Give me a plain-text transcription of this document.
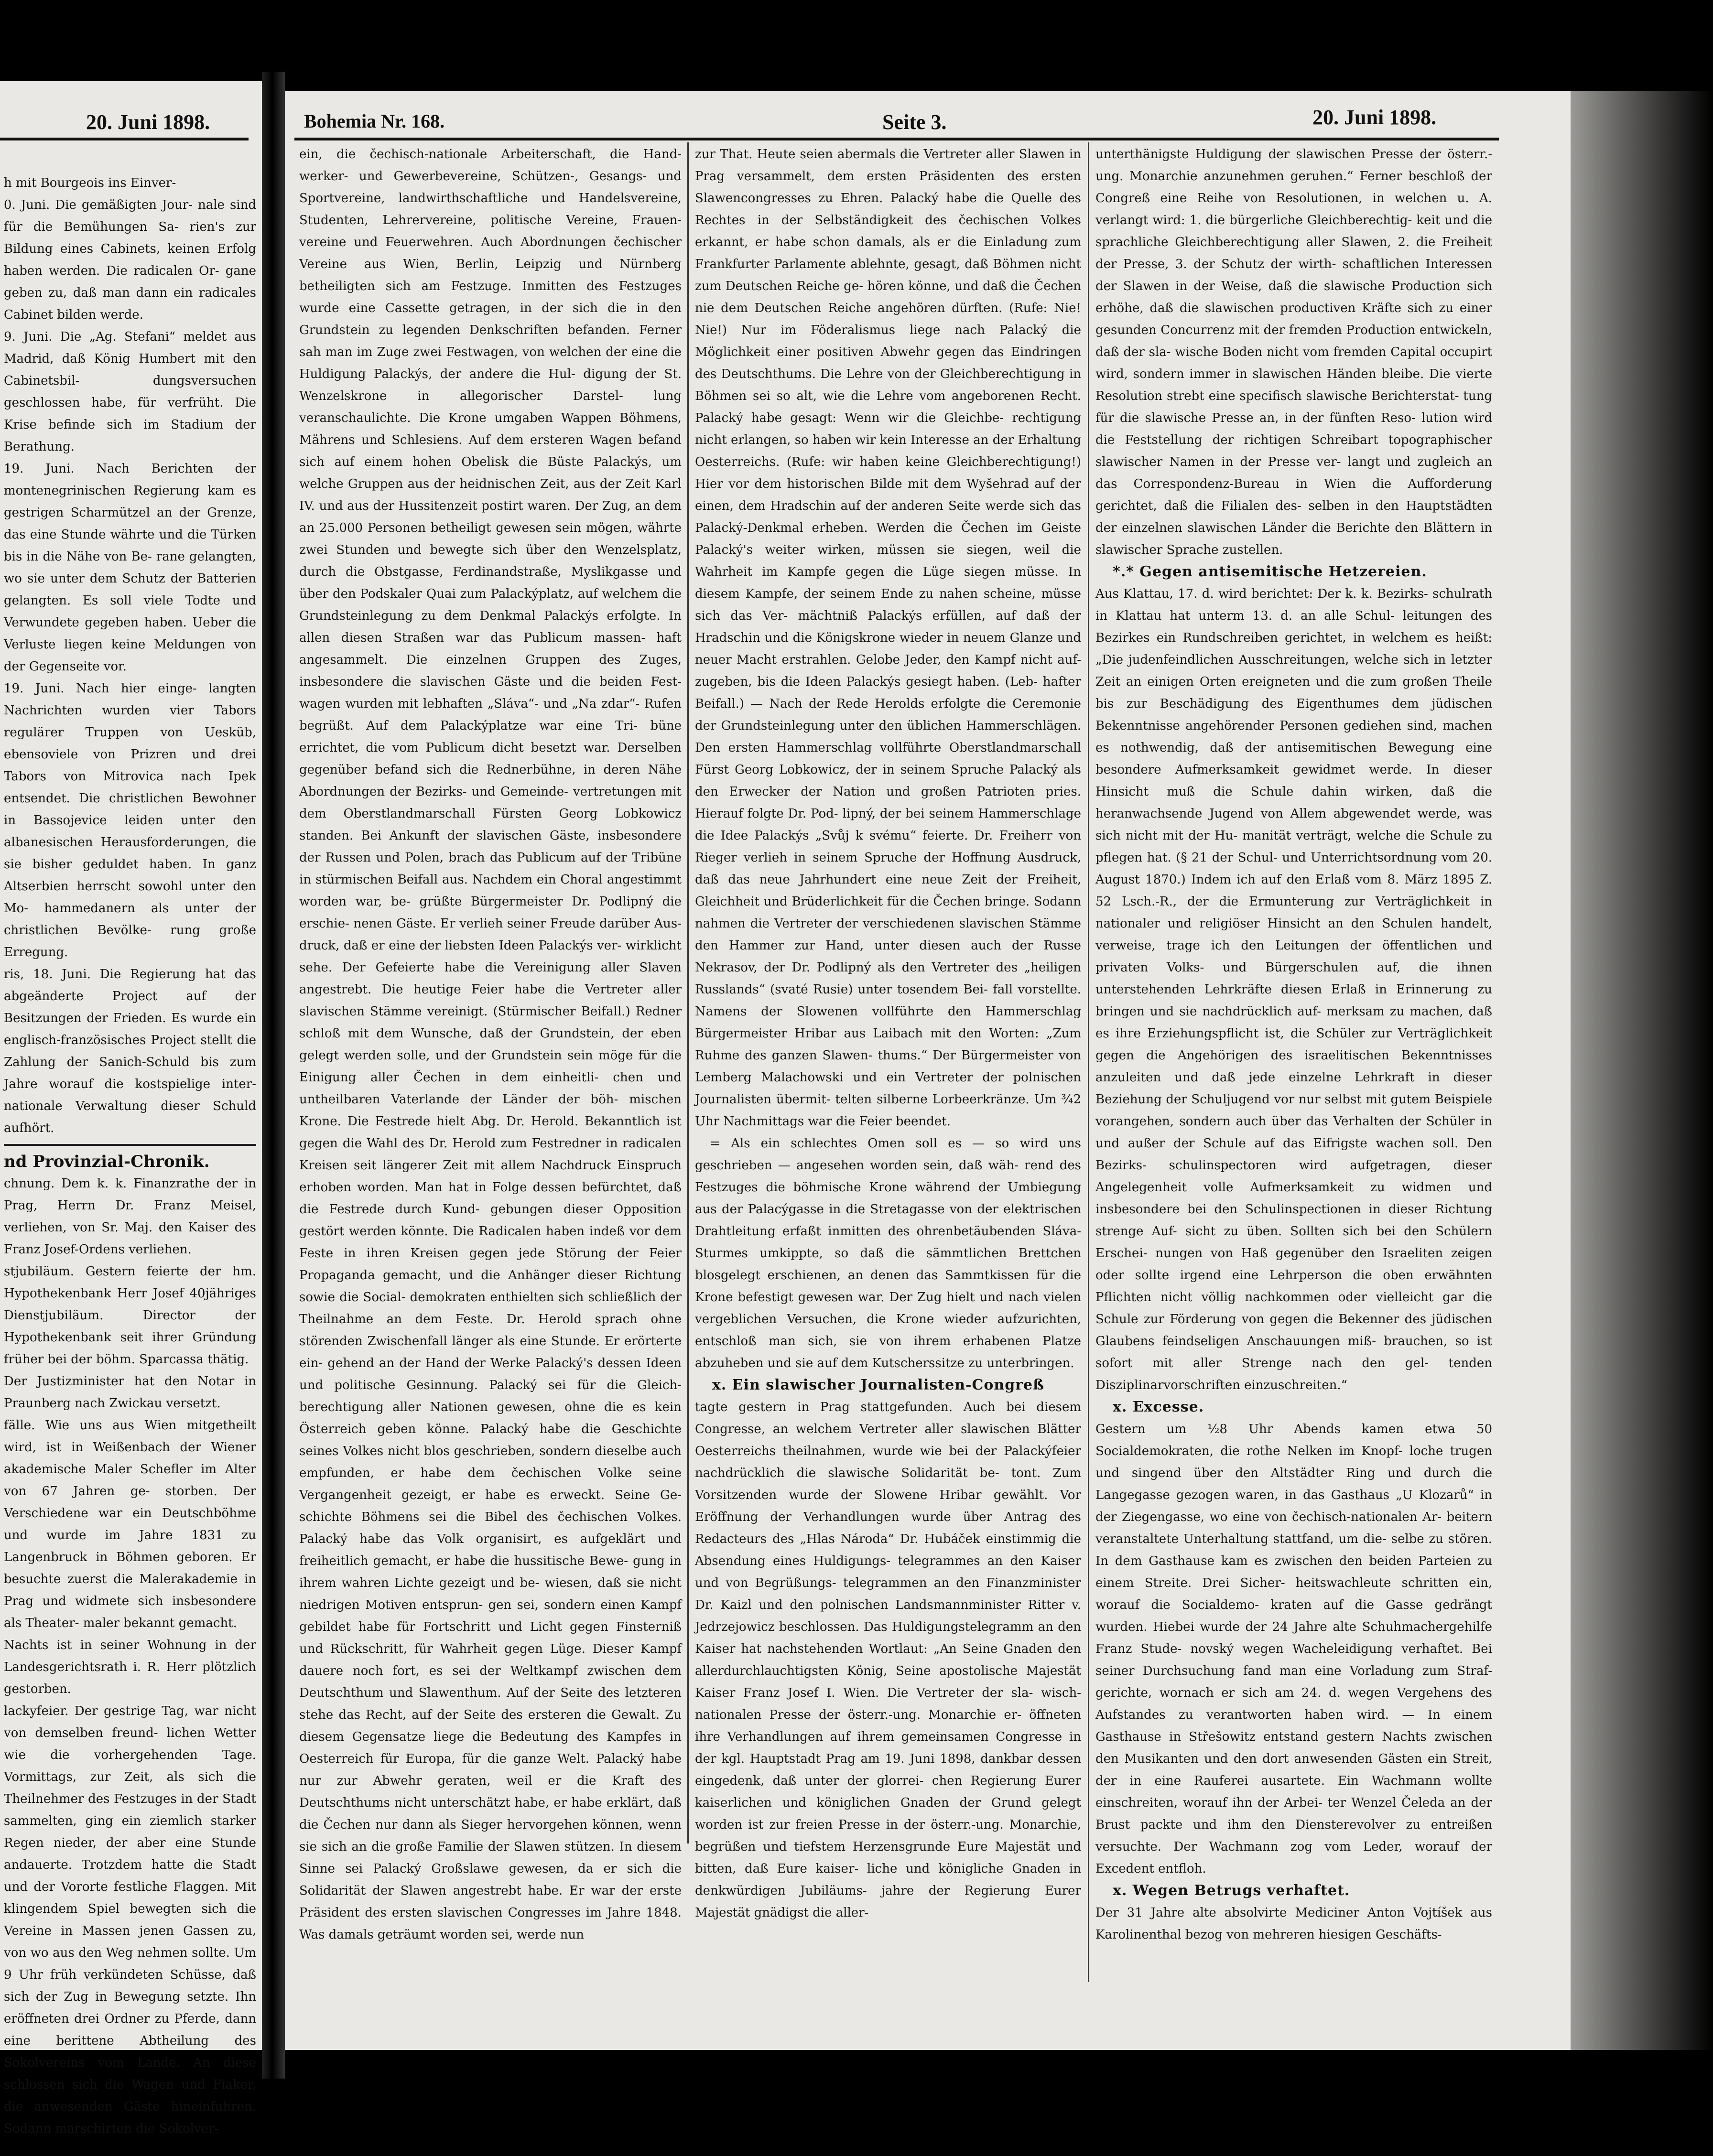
20. Juni 1898.

h mit Bourgeois ins Einver-

0. Juni. Die gemäßigten Jour- nale sind für die Bemühungen Sa- rien's zur Bildung eines Cabinets, keinen Erfolg haben werden. Die radicalen Or- gane geben zu, daß man dann ein radicales Cabinet bilden werde.

9. Juni. Die „Ag. Stefani“ meldet aus Madrid, daß König Humbert mit den Cabinetsbil- dungsversuchen geschlossen habe, für verfrüht. Die Krise befinde sich im Stadium der Berathung.

19. Juni. Nach Berichten der montenegrinischen Regierung kam es gestrigen Scharmützel an der Grenze, das eine Stunde währte und die Türken bis in die Nähe von Be- rane gelangten, wo sie unter dem Schutz der Batterien gelangten. Es soll viele Todte und Verwundete gegeben haben. Ueber die Verluste liegen keine Meldungen von der Gegenseite vor.

19. Juni. Nach hier einge- langten Nachrichten wurden vier Tabors regulärer Truppen von Uesküb, ebensoviele von Prizren und drei Tabors von Mitrovica nach Ipek entsendet. Die christlichen Bewohner in Bassojevice leiden unter den albanesischen Herausforderungen, die sie bisher geduldet haben. In ganz Altserbien herrscht sowohl unter den Mo- hammedanern als unter der christlichen Bevölke- rung große Erregung.

ris, 18. Juni. Die Regierung hat das abgeänderte Project auf der Besitzungen der Frieden. Es wurde ein englisch-französisches Project stellt die Zahlung der Sanich-Schuld bis zum Jahre worauf die kostspielige inter- nationale Verwaltung dieser Schuld aufhört.

nd Provinzial-Chronik.

chnung. Dem k. k. Finanzrathe der in Prag, Herrn Dr. Franz Meisel, verliehen, von Sr. Maj. den Kaiser des Franz Josef-Ordens verliehen.

stjubiläum. Gestern feierte der hm. Hypothekenbank Herr Josef 40jähriges Dienstjubiläum. Director der Hypothekenbank seit ihrer Gründung früher bei der böhm. Sparcassa thätig.

Der Justizminister hat den Notar in Praunberg nach Zwickau versetzt.

fälle. Wie uns aus Wien mitgetheilt wird, ist in Weißenbach der Wiener akademische Maler Schefler im Alter von 67 Jahren ge- storben. Der Verschiedene war ein Deutschböhme und wurde im Jahre 1831 zu Langenbruck in Böhmen geboren. Er besuchte zuerst die Malerakademie in Prag und widmete sich insbesondere als Theater- maler bekannt gemacht.

Nachts ist in seiner Wohnung in der Landesgerichtsrath i. R. Herr plötzlich gestorben.

lackyfeier. Der gestrige Tag, war nicht von demselben freund- lichen Wetter wie die vorhergehenden Tage. Vormittags, zur Zeit, als sich die Theilnehmer des Festzuges in der Stadt sammelten, ging ein ziemlich starker Regen nieder, der aber eine Stunde andauerte. Trotzdem hatte die Stadt und der Vororte festliche Flaggen. Mit klingendem Spiel bewegten sich die Vereine in Massen jenen Gassen zu, von wo aus den Weg nehmen sollte. Um 9 Uhr früh verkündeten Schüsse, daß sich der Zug in Bewegung setzte. Ihn eröffneten drei Ordner zu Pferde, dann eine berittene Abtheilung des Sokolvereins vom Lande. An diese schlossen sich die Wagen und Fiaker, die anwesenden Gäste hineinfuhren. Sodann marschirten die Sokolver-

Bohemia Nr. 168.	Seite 3.	20. Juni 1898.

ein, die čechisch-nationale Arbeiterschaft, die Hand- werker- und Gewerbevereine, Schützen-, Gesangs- und Sportvereine, landwirthschaftliche und Handelsvereine, Studenten, Lehrervereine, politische Vereine, Frauen- vereine und Feuerwehren. Auch Abordnungen čechischer Vereine aus Wien, Berlin, Leipzig und Nürnberg betheiligten sich am Festzuge. Inmitten des Festzuges wurde eine Cassette getragen, in der sich die in den Grundstein zu legenden Denkschriften befanden. Ferner sah man im Zuge zwei Festwagen, von welchen der eine die Huldigung Palackýs, der andere die Hul- digung der St. Wenzelskrone in allegorischer Darstel- lung veranschaulichte. Die Krone umgaben Wappen Böhmens, Mährens und Schlesiens. Auf dem ersteren Wagen befand sich auf einem hohen Obelisk die Büste Palackýs, um welche Gruppen aus der heidnischen Zeit, aus der Zeit Karl IV. und aus der Hussitenzeit postirt waren. Der Zug, an dem an 25.000 Personen betheiligt gewesen sein mögen, währte zwei Stunden und bewegte sich über den Wenzelsplatz, durch die Obstgasse, Ferdinandstraße, Myslikgasse und über den Podskaler Quai zum Palackýplatz, auf welchem die Grundsteinlegung zu dem Denkmal Palackýs erfolgte. In allen diesen Straßen war das Publicum massen- haft angesammelt. Die einzelnen Gruppen des Zuges, insbesondere die slavischen Gäste und die beiden Fest- wagen wurden mit lebhaften „Sláva“- und „Na zdar“- Rufen begrüßt. Auf dem Palackýplatze war eine Tri- büne errichtet, die vom Publicum dicht besetzt war. Derselben gegenüber befand sich die Rednerbühne, in deren Nähe Abordnungen der Bezirks- und Gemeinde- vertretungen mit dem Oberstlandmarschall Fürsten Georg Lobkowicz standen. Bei Ankunft der slavischen Gäste, insbesondere der Russen und Polen, brach das Publicum auf der Tribüne in stürmischen Beifall aus. Nachdem ein Choral angestimmt worden war, be- grüßte Bürgermeister Dr. Podlipný die erschie- nenen Gäste. Er verlieh seiner Freude darüber Aus- druck, daß er eine der liebsten Ideen Palackýs ver- wirklicht sehe. Der Gefeierte habe die Vereinigung aller Slaven angestrebt. Die heutige Feier habe die Vertreter aller slavischen Stämme vereinigt. (Stürmischer Beifall.) Redner schloß mit dem Wunsche, daß der Grundstein, der eben gelegt werden solle, und der Grundstein sein möge für die Einigung aller Čechen in dem einheitli- chen und untheilbaren Vaterlande der Länder der böh- mischen Krone. Die Festrede hielt Abg. Dr. Herold. Bekanntlich ist gegen die Wahl des Dr. Herold zum Festredner in radicalen Kreisen seit längerer Zeit mit allem Nachdruck Einspruch erhoben worden. Man hat in Folge dessen befürchtet, daß die Festrede durch Kund- gebungen dieser Opposition gestört werden könnte. Die Radicalen haben indeß vor dem Feste in ihren Kreisen gegen jede Störung der Feier Propaganda gemacht, und die Anhänger dieser Richtung sowie die Social- demokraten enthielten sich schließlich der Theilnahme an dem Feste. Dr. Herold sprach ohne störenden Zwischenfall länger als eine Stunde. Er erörterte ein- gehend an der Hand der Werke Palacký's dessen Ideen und politische Gesinnung. Palacký sei für die Gleich- berechtigung aller Nationen gewesen, ohne die es kein Österreich geben könne. Palacký habe die Geschichte seines Volkes nicht blos geschrieben, sondern dieselbe auch empfunden, er habe dem čechischen Volke seine Vergangenheit gezeigt, er habe es erweckt. Seine Ge- schichte Böhmens sei die Bibel des čechischen Volkes. Palacký habe das Volk organisirt, es aufgeklärt und freiheitlich gemacht, er habe die hussitische Bewe- gung in ihrem wahren Lichte gezeigt und be- wiesen, daß sie nicht niedrigen Motiven entsprun- gen sei, sondern einen Kampf gebildet habe für Fortschritt und Licht gegen Finsterniß und Rückschritt, für Wahrheit gegen Lüge. Dieser Kampf dauere noch fort, es sei der Weltkampf zwischen dem Deutschthum und Slawenthum. Auf der Seite des letzteren stehe das Recht, auf der Seite des ersteren die Gewalt. Zu diesem Gegensatze liege die Bedeutung des Kampfes in Oesterreich für Europa, für die ganze Welt. Palacký habe nur zur Abwehr geraten, weil er die Kraft des Deutschthums nicht unterschätzt habe, er habe erklärt, daß die Čechen nur dann als Sieger hervorgehen können, wenn sie sich an die große Familie der Slawen stützen. In diesem Sinne sei Palacký Großslawe gewesen, da er sich die Solidarität der Slawen angestrebt habe. Er war der erste Präsident des ersten slavischen Congresses im Jahre 1848. Was damals geträumt worden sei, werde nun

zur That. Heute seien abermals die Vertreter aller Slawen in Prag versammelt, dem ersten Präsidenten des ersten Slawencongresses zu Ehren. Palacký habe die Quelle des Rechtes in der Selbständigkeit des čechischen Volkes erkannt, er habe schon damals, als er die Einladung zum Frankfurter Parlamente ablehnte, gesagt, daß Böhmen nicht zum Deutschen Reiche ge- hören könne, und daß die Čechen nie dem Deutschen Reiche angehören dürften. (Rufe: Nie! Nie!) Nur im Föderalismus liege nach Palacký die Möglichkeit einer positiven Abwehr gegen das Eindringen des Deutschthums. Die Lehre von der Gleichberechtigung in Böhmen sei so alt, wie die Lehre vom angeborenen Recht. Palacký habe gesagt: Wenn wir die Gleichbe- rechtigung nicht erlangen, so haben wir kein Interesse an der Erhaltung Oesterreichs. (Rufe: wir haben keine Gleichberechtigung!) Hier vor dem historischen Bilde mit dem Wyšehrad auf der einen, dem Hradschin auf der anderen Seite werde sich das Palacký-Denkmal erheben. Werden die Čechen im Geiste Palacký's weiter wirken, müssen sie siegen, weil die Wahrheit im Kampfe gegen die Lüge siegen müsse. In diesem Kampfe, der seinem Ende zu nahen scheine, müsse sich das Ver- mächtniß Palackýs erfüllen, auf daß der Hradschin und die Königskrone wieder in neuem Glanze und neuer Macht erstrahlen. Gelobe Jeder, den Kampf nicht auf- zugeben, bis die Ideen Palackýs gesiegt haben. (Leb- hafter Beifall.) — Nach der Rede Herolds erfolgte die Ceremonie der Grundsteinlegung unter den üblichen Hammerschlägen. Den ersten Hammerschlag vollführte Oberstlandmarschall Fürst Georg Lobkowicz, der in seinem Spruche Palacký als den Erwecker der Nation und großen Patrioten pries. Hierauf folgte Dr. Pod- lipný, der bei seinem Hammerschlage die Idee Palackýs „Svůj k svému“ feierte. Dr. Freiherr von Rieger verlieh in seinem Spruche der Hoffnung Ausdruck, daß das neue Jahrhundert eine neue Zeit der Freiheit, Gleichheit und Brüderlichkeit für die Čechen bringe. Sodann nahmen die Vertreter der verschiedenen slavischen Stämme den Hammer zur Hand, unter diesen auch der Russe Nekrasov, der Dr. Podlipný als den Vertreter des „heiligen Russlands“ (svaté Rusie) unter tosendem Bei- fall vorstellte. Namens der Slowenen vollführte den Hammerschlag Bürgermeister Hribar aus Laibach mit den Worten: „Zum Ruhme des ganzen Slawen- thums.“ Der Bürgermeister von Lemberg Malachowski und ein Vertreter der polnischen Journalisten übermit- telten silberne Lorbeerkränze. Um ¾2 Uhr Nachmittags war die Feier beendet.

= Als ein schlechtes Omen soll es — so wird uns geschrieben — angesehen worden sein, daß wäh- rend des Festzuges die böhmische Krone während der Umbiegung aus der Palacýgasse in die Stretagasse von der elektrischen Drahtleitung erfaßt inmitten des ohrenbetäubenden Sláva-Sturmes umkippte, so daß die sämmtlichen Brettchen blosgelegt erschienen, an denen das Sammtkissen für die Krone befestigt gewesen war. Der Zug hielt und nach vielen vergeblichen Versuchen, die Krone wieder aufzurichten, entschloß man sich, sie von ihrem erhabenen Platze abzuheben und sie auf dem Kutscherssitze zu unterbringen.

x. Ein slawischer Journalisten-Congreß

tagte gestern in Prag stattgefunden. Auch bei diesem Congresse, an welchem Vertreter aller slawischen Blätter Oesterreichs theilnahmen, wurde wie bei der Palackýfeier nachdrücklich die slawische Solidarität be- tont. Zum Vorsitzenden wurde der Slowene Hribar gewählt. Vor Eröffnung der Verhandlungen wurde über Antrag des Redacteurs des „Hlas Národa“ Dr. Hubáček einstimmig die Absendung eines Huldigungs- telegrammes an den Kaiser und von Begrüßungs- telegrammen an den Finanzminister Dr. Kaizl und den polnischen Landsmannminister Ritter v. Jedrzejowicz beschlossen. Das Huldigungstelegramm an den Kaiser hat nachstehenden Wortlaut: „An Seine Gnaden den allerdurchlauchtigsten König, Seine apostolische Majestät Kaiser Franz Josef I. Wien. Die Vertreter der sla- wisch-nationalen Presse der österr.-ung. Monarchie er- öffneten ihre Verhandlungen auf ihrem gemeinsamen Congresse in der kgl. Hauptstadt Prag am 19. Juni 1898, dankbar dessen eingedenk, daß unter der glorrei- chen Regierung Eurer kaiserlichen und königlichen Gnaden der Grund gelegt worden ist zur freien Presse in der österr.-ung. Monarchie, begrüßen und tiefstem Herzensgrunde Eure Majestät und bitten, daß Eure kaiser- liche und königliche Gnaden in denkwürdigen Jubiläums- jahre der Regierung Eurer Majestät gnädigst die aller-

unterthänigste Huldigung der slawischen Presse der österr.- ung. Monarchie anzunehmen geruhen.“ Ferner beschloß der Congreß eine Reihe von Resolutionen, in welchen u. A. verlangt wird: 1. die bürgerliche Gleichberechtig- keit und die sprachliche Gleichberechtigung aller Slawen, 2. die Freiheit der Presse, 3. der Schutz der wirth- schaftlichen Interessen der Slawen in der Weise, daß die slawische Production sich erhöhe, daß die slawischen productiven Kräfte sich zu einer gesunden Concurrenz mit der fremden Production entwickeln, daß der sla- wische Boden nicht vom fremden Capital occupirt wird, sondern immer in slawischen Händen bleibe. Die vierte Resolution strebt eine specifisch slawische Berichterstat- tung für die slawische Presse an, in der fünften Reso- lution wird die Feststellung der richtigen Schreibart topographischer slawischer Namen in der Presse ver- langt und zugleich an das Correspondenz-Bureau in Wien die Aufforderung gerichtet, daß die Filialen des- selben in den Hauptstädten der einzelnen slawischen Länder die Berichte den Blättern in slawischer Sprache zustellen.

*.* Gegen antisemitische Hetzereien.

Aus Klattau, 17. d. wird berichtet: Der k. k. Bezirks- schulrath in Klattau hat unterm 13. d. an alle Schul- leitungen des Bezirkes ein Rundschreiben gerichtet, in welchem es heißt: „Die judenfeindlichen Ausschreitungen, welche sich in letzter Zeit an einigen Orten ereigneten und die zum großen Theile bis zur Beschädigung des Eigenthumes dem jüdischen Bekenntnisse angehörender Personen gediehen sind, machen es nothwendig, daß der antisemitischen Bewegung eine besondere Aufmerksamkeit gewidmet werde. In dieser Hinsicht muß die Schule dahin wirken, daß die heranwachsende Jugend von Allem abgewendet werde, was sich nicht mit der Hu- manität verträgt, welche die Schule zu pflegen hat. (§ 21 der Schul- und Unterrichtsordnung vom 20. August 1870.) Indem ich auf den Erlaß vom 8. März 1895 Z. 52 Lsch.-R., der die Ermunterung zur Verträglichkeit in nationaler und religiöser Hinsicht an den Schulen handelt, verweise, trage ich den Leitungen der öffentlichen und privaten Volks- und Bürgerschulen auf, die ihnen unterstehenden Lehrkräfte diesen Erlaß in Erinnerung zu bringen und sie nachdrücklich auf- merksam zu machen, daß es ihre Erziehungspflicht ist, die Schüler zur Verträglichkeit gegen die Angehörigen des israelitischen Bekenntnisses anzuleiten und daß jede einzelne Lehrkraft in dieser Beziehung der Schuljugend vor nur selbst mit gutem Beispiele vorangehen, sondern auch über das Verhalten der Schüler in und außer der Schule auf das Eifrigste wachen soll. Den Bezirks- schulinspectoren wird aufgetragen, dieser Angelegenheit volle Aufmerksamkeit zu widmen und insbesondere bei den Schulinspectionen in dieser Richtung strenge Auf- sicht zu üben. Sollten sich bei den Schülern Erschei- nungen von Haß gegenüber den Israeliten zeigen oder sollte irgend eine Lehrperson die oben erwähnten Pflichten nicht völlig nachkommen oder vielleicht gar die Schule zur Förderung von gegen die Bekenner des jüdischen Glaubens feindseligen Anschauungen miß- brauchen, so ist sofort mit aller Strenge nach den gel- tenden Disziplinarvorschriften einzuschreiten.“

x. Excesse.

Gestern um ½8 Uhr Abends kamen etwa 50 Socialdemokraten, die rothe Nelken im Knopf- loche trugen und singend über den Altstädter Ring und durch die Langegasse gezogen waren, in das Gasthaus „U Klozarů“ in der Ziegengasse, wo eine von čechisch-nationalen Ar- beitern veranstaltete Unterhaltung stattfand, um die- selbe zu stören. In dem Gasthause kam es zwischen den beiden Parteien zu einem Streite. Drei Sicher- heitswachleute schritten ein, worauf die Socialdemo- kraten auf die Gasse gedrängt wurden. Hiebei wurde der 24 Jahre alte Schuhmachergehilfe Franz Stude- novský wegen Wacheleidigung verhaftet. Bei seiner Durchsuchung fand man eine Vorladung zum Straf- gerichte, wornach er sich am 24. d. wegen Vergehens des Aufstandes zu verantworten haben wird. — In einem Gasthause in Střešowitz entstand gestern Nachts zwischen den Musikanten und den dort anwesenden Gästen ein Streit, der in eine Rauferei ausartete. Ein Wachmann wollte einschreiten, worauf ihn der Arbei- ter Wenzel Čeleda an der Brust packte und ihm den Diensterevolver zu entreißen versuchte. Der Wachmann zog vom Leder, worauf der Excedent entfloh.

x. Wegen Betrugs verhaftet.

Der 31 Jahre alte absolvirte Mediciner Anton Vojtíšek aus Karolinenthal bezog von mehreren hiesigen Geschäfts-
